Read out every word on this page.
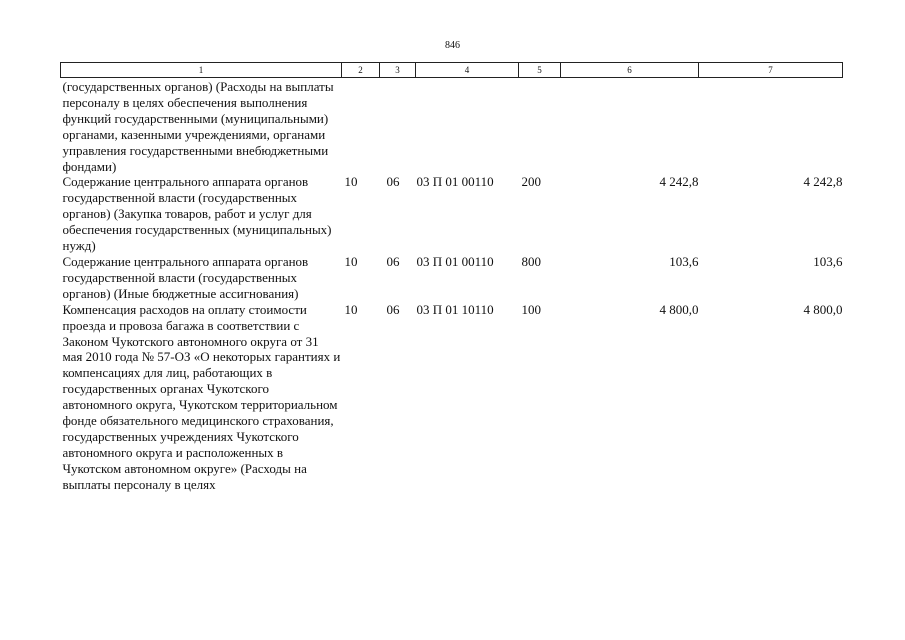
846
1	2	3	4	5	6	7
(государственных органов) (Расходы на выплаты персоналу в целях обеспечения выполнения функций государственными (муниципальными) органами, казенными учреждениями, органами управления государственными внебюджетными фондами)						
Содержание центрального аппарата органов государственной власти (государственных органов) (Закупка товаров, работ и услуг для обеспечения государственных (муниципальных) нужд)	10	06	03 П 01 00110	200	4 242,8	4 242,8
Содержание центрального аппарата органов государственной власти (государственных органов) (Иные бюджетные ассигнования)	10	06	03 П 01 00110	800	103,6	103,6
Компенсация расходов на оплату стоимости проезда и провоза багажа в соответствии с Законом Чукотского автономного округа от 31 мая 2010 года № 57-ОЗ «О некоторых гарантиях и компенсациях для лиц, работающих в государственных органах Чукотского автономного округа, Чукотском территориальном фонде обязательного медицинского страхования, государственных учреждениях Чукотского автономного округа и расположенных в Чукотском автономном округе» (Расходы на выплаты персоналу в целях	10	06	03 П 01 10110	100	4 800,0	4 800,0
